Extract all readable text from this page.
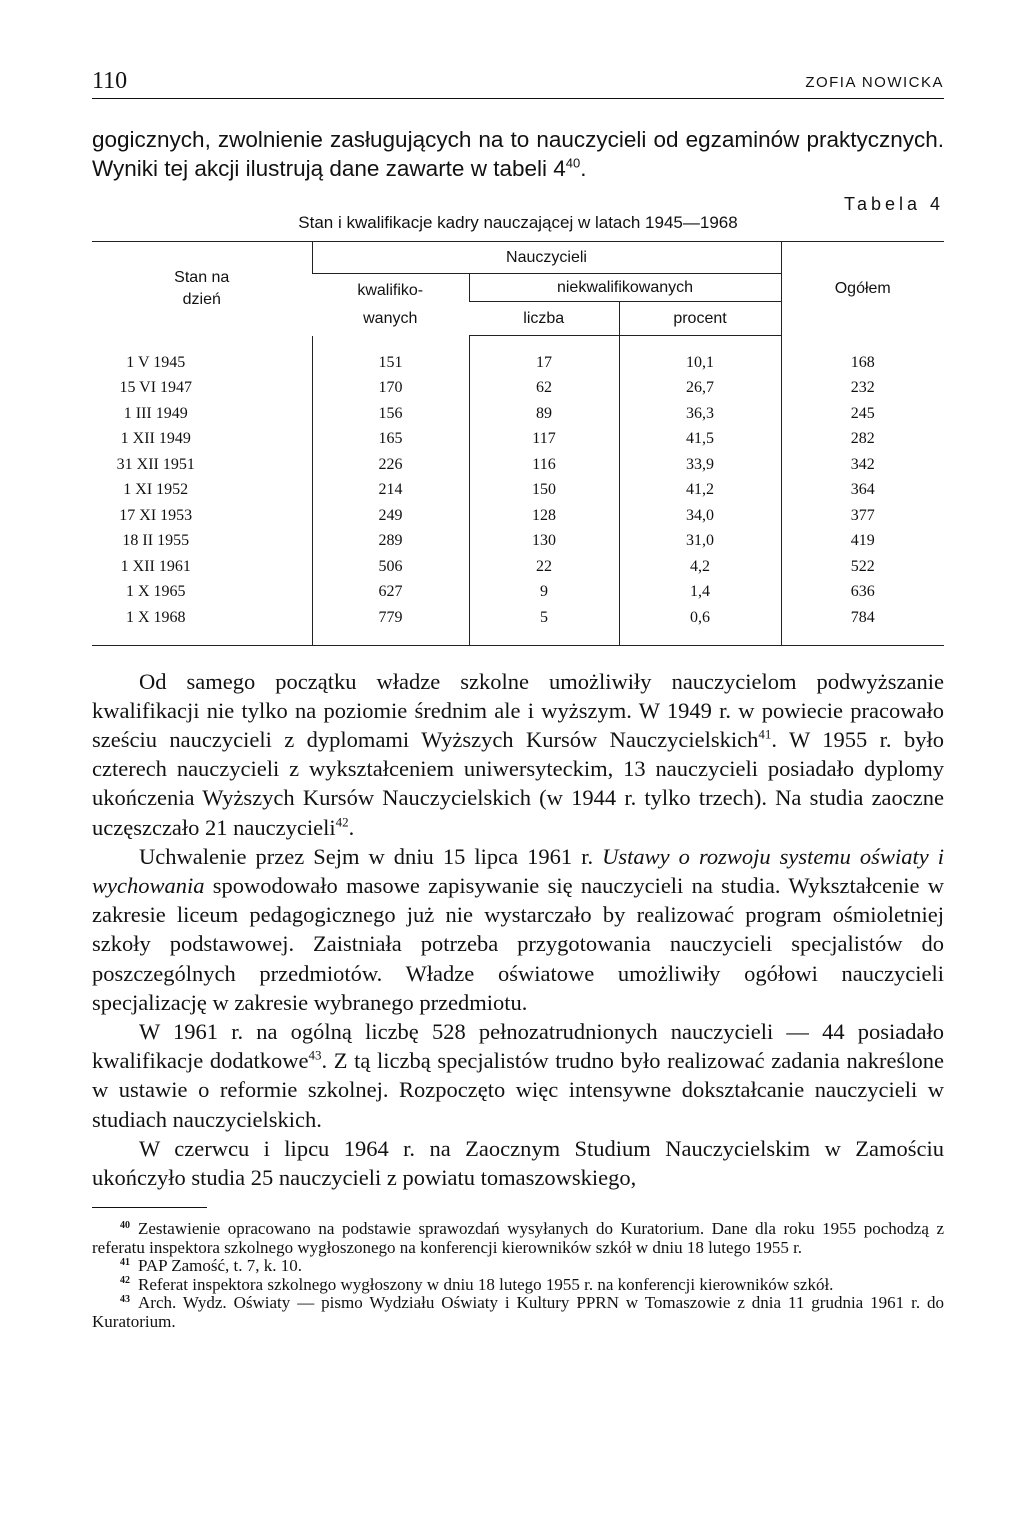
110	ZOFIA NOWICKA

gogicznych, zwolnienie zasługujących na to nauczycieli od egzaminów praktycznych. Wyniki tej akcji ilustrują dane zawarte w tabeli $4^{40}$.

Tabela 4
Stan i kwalifikacje kadry nauczającej w latach 1945—1968
Stan na dzień	Nauczycieli			Ogółem

	kwalifiko-wanych	niekwalifikowanych		
		liczba	procent	
1 V 1945	151	17	10,1	168
15 VI 1947	170	62	26,7	232
1 III 1949	156	89	36,3	245
1 XII 1949	165	117	41,5	282
31 XII 1951	226	116	33,9	342
1 XI 1952	214	150	41,2	364
17 XI 1953	249	128	34,0	377
18 II 1955	289	130	31,0	419
1 XII 1961	506	22	4,2	522
1 X 1965	627	9	1,4	636
1 X 1968	779	5	0,6	784

Od samego początku władze szkolne umożliwiły nauczycielom podwyższanie kwalifikacji nie tylko na poziomie średnim ale i wyższym. W 1949 r. w powiecie pracowało sześciu nauczycieli z dyplomami Wyższych Kursów Nauczycielskich$^{41}$. W 1955 r. było czterech nauczycieli z wykształceniem uniwersyteckim, 13 nauczycieli posiadało dyplomy ukończenia Wyższych Kursów Nauczycielskich (w 1944 r. tylko trzech). Na studia zaoczne uczęszczało 21 nauczycieli$^{42}$.

Uchwalenie przez Sejm w dniu 15 lipca 1961 r. Ustawy o rozwoju systemu oświaty i wychowania spowodowało masowe zapisywanie się nauczycieli na studia. Wykształcenie w zakresie liceum pedagogicznego już nie wystarczało by realizować program ośmioletniej szkoły podstawowej. Zaistniała potrzeba przygotowania nauczycieli specjalistów do poszczególnych przedmiotów. Władze oświatowe umożliwiły ogółowi nauczycieli specjalizację w zakresie wybranego przedmiotu.

W 1961 r. na ogólną liczbę 528 pełnozatrudnionych nauczycieli — 44 posiadało kwalifikacje dodatkowe$^{43}$. Z tą liczbą specjalistów trudno było realizować zadania nakreślone w ustawie o reformie szkolnej. Rozpoczęto więc intensywne dokształcanie nauczycieli w studiach nauczycielskich.

W czerwcu i lipcu 1964 r. na Zaocznym Studium Nauczycielskim w Zamościu ukończyło studia 25 nauczycieli z powiatu tomaszowskiego,

$^{40}$ Zestawienie opracowano na podstawie sprawozdań wysyłanych do Kuratorium. Dane dla roku 1955 pochodzą z referatu inspektora szkolnego wygłoszonego na konferencji kierowników szkół w dniu 18 lutego 1955 r.

$^{41}$ PAP Zamość, t. 7, k. 10.

$^{42}$ Referat inspektora szkolnego wygłoszony w dniu 18 lutego 1955 r. na konferencji kierowników szkół.

$^{43}$ Arch. Wydz. Oświaty — pismo Wydziału Oświaty i Kultury PPRN w Tomaszowie z dnia 11 grudnia 1961 r. do Kuratorium.
